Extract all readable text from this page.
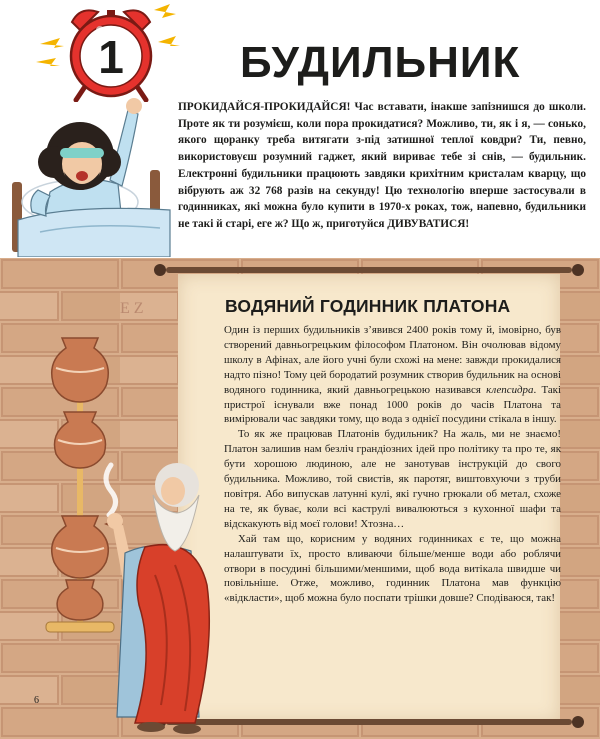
1	БУДИЛЬНИК

ПРОКИДАЙСЯ-ПРОКИДАЙСЯ! Час вставати, інакше запізнишся до школи. Проте як ти розумієш, коли пора прокидатися? Можливо, ти, як і я, — сонько, якого щоранку треба витягати з-під затишної теплої ковдри? Ти, певно, використовуєш розумний гаджет, який вириває тебе зі снів, — будильник. Електронні будильники працюють завдяки крихітним кристалам кварцу, що вібрують аж 32 768 разів на секунду! Цю технологію вперше застосували в годинниках, які можна було купити в 1970-х роках, тож, напевно, будильники не такі й старі, еге ж? Що ж, приготуйся ДИВУВАТИСЯ!

Ε Ζ	ВОДЯНИЙ ГОДИННИК ПЛАТОНА

Один із перших будильників з’явився 2400 років тому й, імовірно, був створений давньогрецьким філософом Платоном. Він очолював відому школу в Афінах, але його учні були схожі на мене: завжди прокидалися надто пізно! Тому цей бородатий розумник створив будильник на основі водяного годинника, який давньогрецькою називався клепсидра. Такі пристрої існували вже понад 1000 років до часів Платона та вимірювали час завдяки тому, що вода з однієї посудини стікала в іншу.

То як же працював Платонів будильник? На жаль, ми не знаємо! Платон залишив нам безліч грандіозних ідей про політику та про те, як бути хорошою людиною, але не занотував інструкцій до свого будильника. Можливо, той свистів, як паротяг, виштовхуючи з труби повітря. Або випускав латунні кулі, які гучно грюкали об метал, схоже на те, як буває, коли всі каструлі вивалюються з кухонної шафи та відскакують від моєї голови! Хтозна…

Хай там що, корисним у водяних годинниках є те, що можна налаштувати їх, просто вливаючи більше/менше води або роблячи отвори в посудині більшими/меншими, щоб вода витікала швидше чи повільніше. Отже, можливо, годинник Платона мав функцію «відкласти», щоб можна було поспати трішки довше? Сподіваюся, так!

6
